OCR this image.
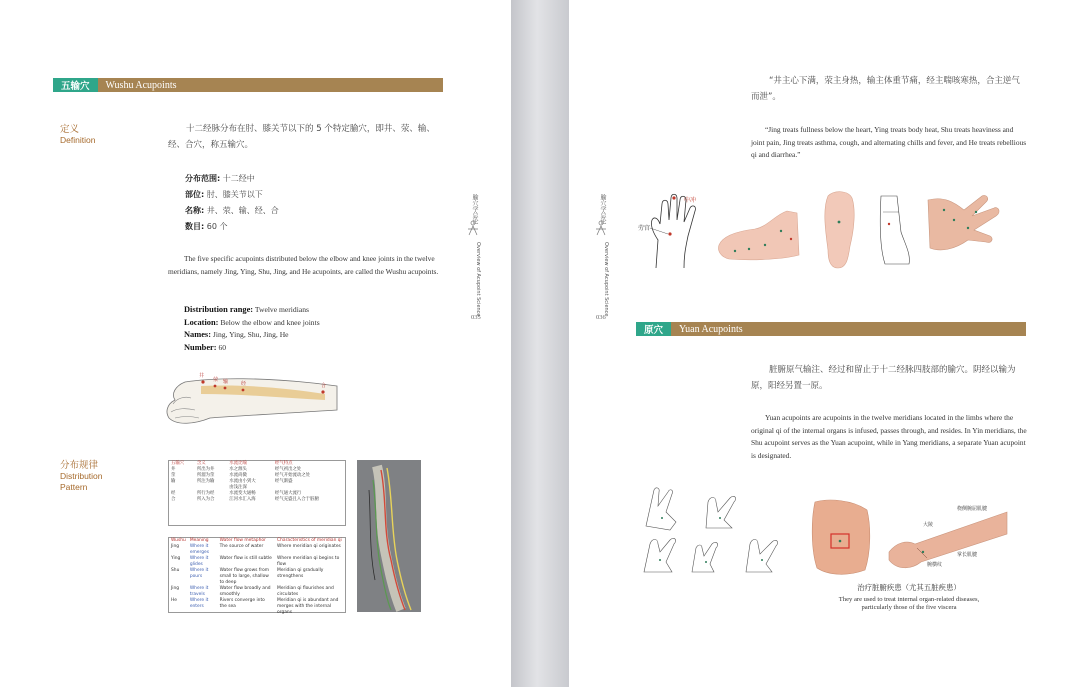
五输穴	Wushu Acupoints
定义
Definition
十二经脉分布在肘、膝关节以下的 5 个特定腧穴，即井、荥、输、经、合穴，称五输穴。
分布范围: 十二经中
部位: 肘、膝关节以下
名称: 井、荥、输、经、合
数目: 60 个
The five specific acupoints distributed below the elbow and knee joints in the twelve meridians, namely Jing, Ying, Shu, Jing, and He acupoints, are called the Wushu acupoints.
Distribution range: Twelve meridians
Location: Below the elbow and knee joints
Names: Jing, Ying, Shu, Jing, He
Number: 60
井
荥 输	经	合
分布规律
Distribution
Pattern
五输穴	含义	水流比喻	经气特点
井	所出为井	水之源头	经气初出之处
荥	所溜为荥	水流尚微	经气开始流动之处
输	所注为输	水流由小到大	经气渐盛
		由浅注深	
经	所行为经	水流变大通畅	经气通大流行
合	所入为合	江河水汇入海	经气充盛且入合于脏腑
Wushu	Meaning	Water flow metaphor	Characteristics of meridian qi
Jing	Where it emerges	The source of water	Where meridian qi originates
Ying	Where it glides	Water flow is still subtle	Where meridian qi begins to flow
Shu	Where it pours	Water flow grows from small to large, shallow to deep	Meridian qi gradually strengthens
Jing	Where it travels	Water flow broadly and smoothly	Meridian qi flourishes and circulates
He	Where it enters	Rivers converge into the sea	Meridian qi is abundant and merges with the internal organs
腧穴学总论
Overview of Acupoint Science
035
“井主心下满，荥主身热，输主体重节痛，经主喘咳寒热，合主逆气而泄”。
“Jing treats fullness below the heart, Ying treats body heat, Shu treats heaviness and joint pain, Jing treats asthma, cough, and alternating chills and fever, and He treats rebellious qi and diarrhea.”
腧穴学总论
Overview of Acupoint Science
036
中冲
劳宫
原穴	Yuan Acupoints
脏腑原气输注、经过和留止于十二经脉四肢部的腧穴。阴经以输为原，阳经另置一原。
Yuan acupoints are acupoints in the twelve meridians located in the limbs where the original qi of the internal organs is infused, passes through, and resides. In Yin meridians, the Shu acupoint serves as the Yuan acupoint, while in Yang meridians, a separate Yuan acupoint is designated.
大陵
桡侧腕屈肌腱
掌长肌腱
腕横纹
治疗脏腑疾患（尤其五脏疾患）
They are used to treat internal organ-related diseases,
particularly those of the five viscera
